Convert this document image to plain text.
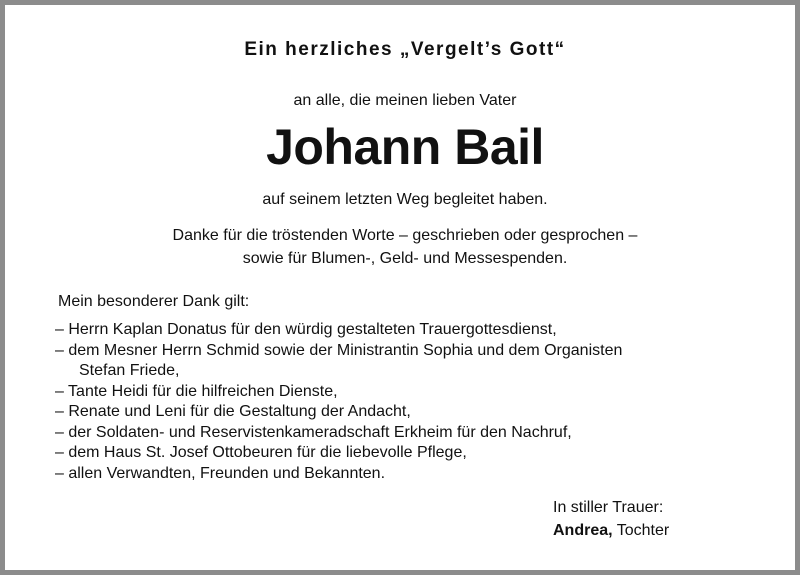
Ein herzliches „Vergelt’s Gott“
an alle, die meinen lieben Vater
Johann Bail
auf seinem letzten Weg begleitet haben.
Danke für die tröstenden Worte – geschrieben oder gesprochen –
sowie für Blumen-, Geld- und Messespenden.
Mein besonderer Dank gilt:
– Herrn Kaplan Donatus für den würdig gestalteten Trauergottesdienst,
– dem Mesner Herrn Schmid sowie der Ministrantin Sophia und dem Organisten
Stefan Friede,
– Tante Heidi für die hilfreichen Dienste,
– Renate und Leni für die Gestaltung der Andacht,
– der Soldaten- und Reservistenkameradschaft Erkheim für den Nachruf,
– dem Haus St. Josef Ottobeuren für die liebevolle Pflege,
– allen Verwandten, Freunden und Bekannten.
In stiller Trauer:
Andrea, Tochter
